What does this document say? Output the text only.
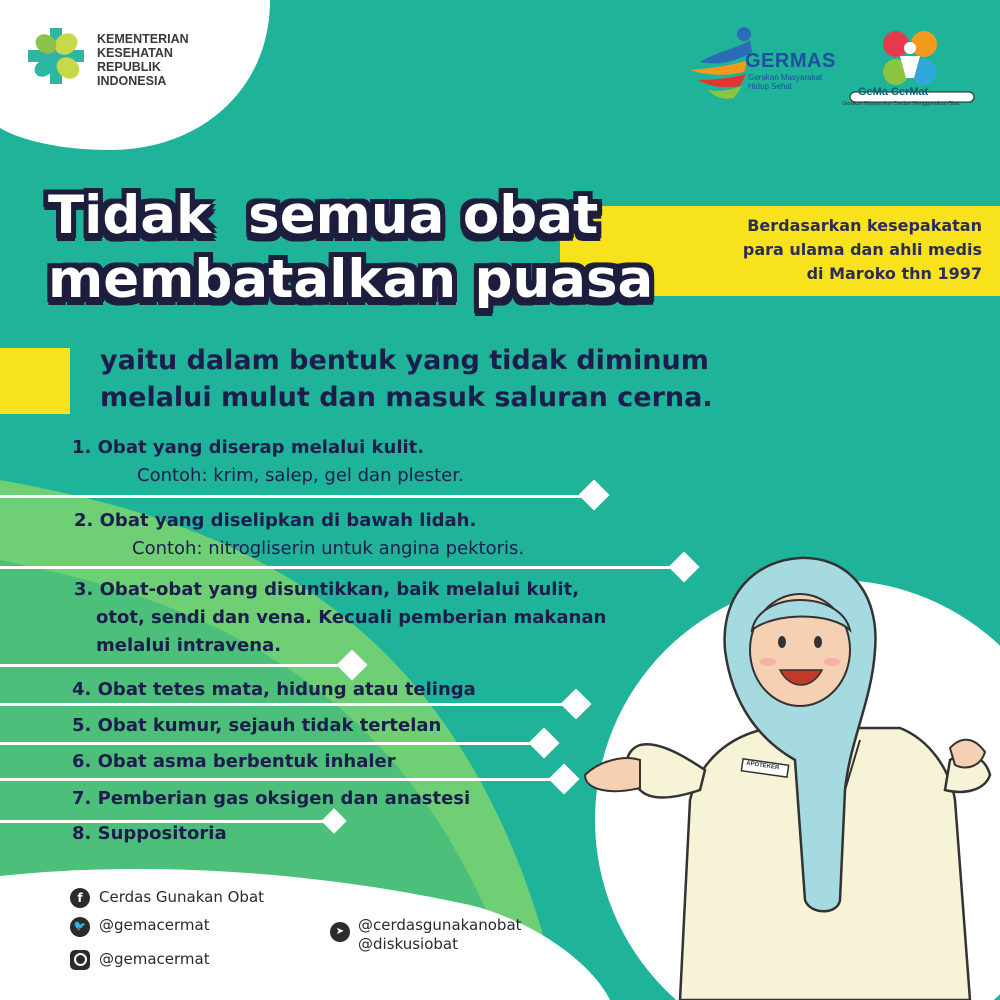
APOTEKER
KEMENTERIAN
KESEHATAN
REPUBLIK
INDONESIA
GERMAS
Gerakan Masyarakat
Hidup Sehat	GeMa CerMat
Gerakan Masyarakat Cerdas Menggunakan Obat
Tidak  semua obat
membatalkan puasa
Berdasarkan kesepakatan
para ulama dan ahli medis
di Maroko thn 1997
yaitu dalam bentuk yang tidak diminum
melalui mulut dan masuk saluran cerna.
1. Obat yang diserap melalui kulit.
Contoh: krim, salep, gel dan plester.
2. Obat yang diselipkan di bawah lidah.
Contoh: nitrogliserin untuk angina pektoris.
3. Obat-obat yang disuntikkan, baik melalui kulit,
otot, sendi dan vena. Kecuali pemberian makanan
melalui intravena.
4. Obat tetes mata, hidung atau telinga
5. Obat kumur, sejauh tidak tertelan
6. Obat asma berbentuk inhaler
7. Pemberian gas oksigen dan anastesi
8. Suppositoria
f	Cerdas Gunakan Obat
🐦 @gemacermat
@gemacermat
➤ @cerdasgunakanobat
@diskusiobat
